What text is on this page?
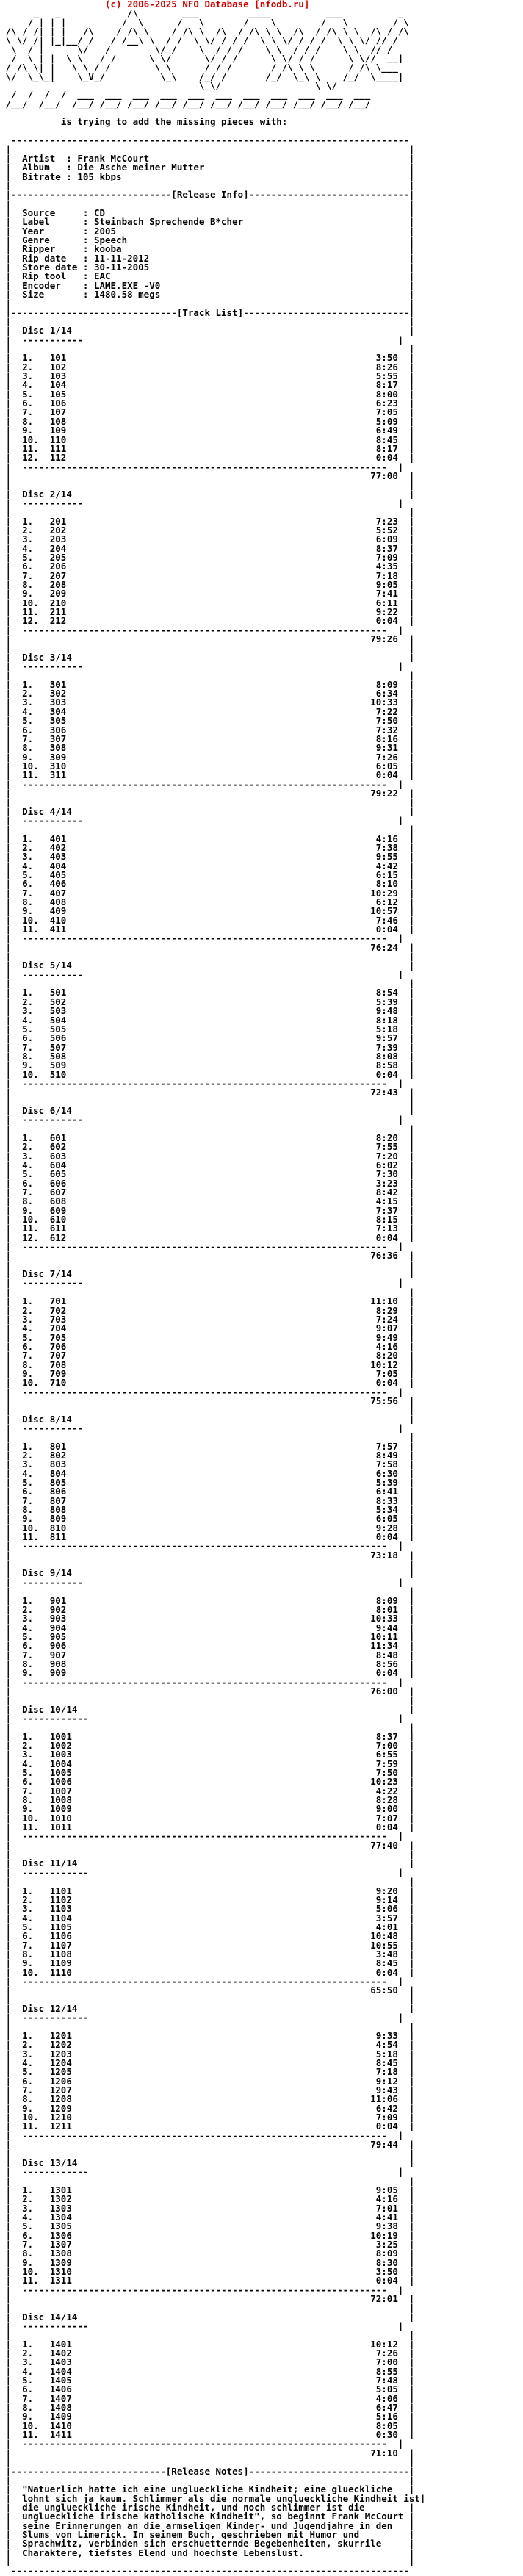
(c) 2006-2025 NFO Database [nfodb.ru]
_   _            /\        ___         ____          ___          _
/ | | |          /  \      /   \       /    \        /   \        / \
/\ / /| | |   /\    / /\ \    / /\ \  /\  / /\ \ \  /\  / /\ \ \  /\ / /\
\ \/ /| |_|__/ /   / /__\ \  / /  \ \/ / / /  \ \ \/ / / /  \ \ \/ // /
\  / |  __  \/   / ______ \/ /    \  / / /    \ \  / / /    \ \  // /__
/  \ | |  \ \   / /      \ \/      \/ / /      \ \/ / /      \ \//  __|
/ /\ \| |   \ \ / /        \ \      / / /       / /\ \ \      / /\ \___
\/  \_\_|    \_V_/          \_\    /_/ /       /_/  \_\ \    /_/  \____|
___   ___                        \_\/                 \_\/
/  /  /  /  ___  ___  ___  ___  ___  ___  ___  ___  ___  ___  ___
/__/  /__/  /__/ /__/ /__/ /__/ /__/ /__/ /__/ /__/ /__/ /__/ /__/
is trying to add the missing pieces with:
------------------------------------------------------------------------
|                                                                        |
|  Artist  : Frank McCourt                                               |
|  Album   : Die Asche meiner Mutter                                     |
|  Bitrate : 105 kbps                                                    |
|                                                                        |
|-----------------------------[Release Info]-----------------------------|
|                                                                        |
|  Source     : CD                                                       |
|  Label      : Steinbach Sprechende B*cher                              |
|  Year       : 2005                                                     |
|  Genre      : Speech                                                   |
|  Ripper     : kooba                                                    |
|  Rip date   : 11-11-2012                                               |
|  Store date : 30-11-2005                                               |
|  Rip tool   : EAC                                                      |
|  Encoder    : LAME.EXE -V0                                             |
|  Size       : 1480.58 megs                                             |
|                                                                        |
|------------------------------[Track List]------------------------------|
|                                                                        |
|  Disc 1/14                                                             |
|  -----------                                                         |
|                                                                        |
|  1. 101	3:50  |
|  2. 102	8:26  |
|  3. 103	5:55  |
|  4. 104	8:17  |
|  5. 105	8:00  |
|  6. 106	6:23  |
|  7. 107	7:05  |
|  8. 108	5:09  |
|  9. 109	6:49  |
|  10. 110	8:45  |
|  11. 111	8:17  |
|  12. 112	0:04  |
|  ------------------------------------------------------------------  |
|                                                                 77:00  |
|                                                                        |
|  Disc 2/14                                                             |
|  -----------                                                         |
|                                                                        |
|  1. 201	7:23  |
|  2. 202	5:52  |
|  3. 203	6:09  |
|  4. 204	8:37  |
|  5. 205	7:09  |
|  6. 206	4:35  |
|  7. 207	7:18  |
|  8. 208	9:05  |
|  9. 209	7:41  |
|  10. 210	6:11  |
|  11. 211	9:22  |
|  12. 212	0:04  |
|  ------------------------------------------------------------------  |
|                                                                 79:26  |
|                                                                        |
|  Disc 3/14                                                             |
|  -----------                                                         |
|                                                                        |
|  1. 301	8:09  |
|  2. 302	6:34  |
|  3. 303	10:33  |
|  4. 304	7:22  |
|  5. 305	7:50  |
|  6. 306	7:32  |
|  7. 307	8:16  |
|  8. 308	9:31  |
|  9. 309	7:26  |
|  10. 310	6:05  |
|  11. 311	0:04  |
|  ------------------------------------------------------------------  |
|                                                                 79:22  |
|                                                                        |
|  Disc 4/14                                                             |
|  -----------                                                         |
|                                                                        |
|  1. 401	4:16  |
|  2. 402	7:38  |
|  3. 403	9:55  |
|  4. 404	4:42  |
|  5. 405	6:15  |
|  6. 406	8:10  |
|  7. 407	10:29  |
|  8. 408	6:12  |
|  9. 409	10:57  |
|  10. 410	7:46  |
|  11. 411	0:04  |
|  ------------------------------------------------------------------  |
|                                                                 76:24  |
|                                                                        |
|  Disc 5/14                                                             |
|  -----------                                                         |
|                                                                        |
|  1. 501	8:54  |
|  2. 502	5:39  |
|  3. 503	9:48  |
|  4. 504	8:18  |
|  5. 505	5:18  |
|  6. 506	9:57  |
|  7. 507	7:39  |
|  8. 508	8:08  |
|  9. 509	8:58  |
|  10. 510	0:04  |
|  ------------------------------------------------------------------  |
|                                                                 72:43  |
|                                                                        |
|  Disc 6/14                                                             |
|  -----------                                                         |
|                                                                        |
|  1. 601	8:20  |
|  2. 602	7:55  |
|  3. 603	7:20  |
|  4. 604	6:02  |
|  5. 605	7:30  |
|  6. 606	3:23  |
|  7. 607	8:42  |
|  8. 608	4:15  |
|  9. 609	7:37  |
|  10. 610	8:15  |
|  11. 611	7:13  |
|  12. 612	0:04  |
|  ------------------------------------------------------------------  |
|                                                                 76:36  |
|                                                                        |
|  Disc 7/14                                                             |
|  -----------                                                         |
|                                                                        |
|  1. 701	11:10  |
|  2. 702	8:29  |
|  3. 703	7:24  |
|  4. 704	9:07  |
|  5. 705	9:49  |
|  6. 706	4:16  |
|  7. 707	8:20  |
|  8. 708	10:12  |
|  9. 709	7:05  |
|  10. 710	0:04  |
|  ------------------------------------------------------------------  |
|                                                                 75:56  |
|                                                                        |
|  Disc 8/14                                                             |
|  -----------                                                         |
|                                                                        |
|  1. 801	7:57  |
|  2. 802	8:49  |
|  3. 803	7:58  |
|  4. 804	6:30  |
|  5. 805	5:39  |
|  6. 806	6:41  |
|  7. 807	8:33  |
|  8. 808	5:34  |
|  9. 809	6:05  |
|  10. 810	9:28  |
|  11. 811	0:04  |
|  ------------------------------------------------------------------  |
|                                                                 73:18  |
|                                                                        |
|  Disc 9/14                                                             |
|  -----------                                                         |
|                                                                        |
|  1. 901	8:09  |
|  2. 902	8:01  |
|  3. 903	10:33  |
|  4. 904	9:44  |
|  5. 905	10:11  |
|  6. 906	11:34  |
|  7. 907	8:48  |
|  8. 908	8:56  |
|  9. 909	0:04  |
|  ------------------------------------------------------------------  |
|                                                                 76:00  |
|                                                                        |
|  Disc 10/14                                                            |
|  ------------                                                        |
|                                                                        |
|  1. 1001	8:37  |
|  2. 1002	7:00  |
|  3. 1003	6:55  |
|  4. 1004	7:59  |
|  5. 1005	7:50  |
|  6. 1006	10:23  |
|  7. 1007	4:22  |
|  8. 1008	8:28  |
|  9. 1009	9:00  |
|  10. 1010	7:07  |
|  11. 1011	0:04  |
|  ------------------------------------------------------------------  |
|                                                                 77:40  |
|                                                                        |
|  Disc 11/14                                                            |
|  ------------                                                        |
|                                                                        |
|  1. 1101	9:20  |
|  2. 1102	9:14  |
|  3. 1103	5:06  |
|  4. 1104	3:57  |
|  5. 1105	4:01  |
|  6. 1106	10:48  |
|  7. 1107	10:55  |
|  8. 1108	3:48  |
|  9. 1109	8:45  |
|  10. 1110	0:04  |
|  ------------------------------------------------------------------  |
|                                                                 65:50  |
|                                                                        |
|  Disc 12/14                                                            |
|  ------------                                                        |
|                                                                        |
|  1. 1201	9:33  |
|  2. 1202	4:54  |
|  3. 1203	5:18  |
|  4. 1204	8:45  |
|  5. 1205	7:18  |
|  6. 1206	9:12  |
|  7. 1207	9:43  |
|  8. 1208	11:06  |
|  9. 1209	6:42  |
|  10. 1210	7:09  |
|  11. 1211	0:04  |
|  ------------------------------------------------------------------  |
|                                                                 79:44  |
|                                                                        |
|  Disc 13/14                                                            |
|  ------------                                                        |
|                                                                        |
|  1. 1301	9:05  |
|  2. 1302	4:16  |
|  3. 1303	7:01  |
|  4. 1304	4:41  |
|  5. 1305	9:38  |
|  6. 1306	10:19  |
|  7. 1307	3:25  |
|  8. 1308	8:09  |
|  9. 1309	8:30  |
|  10. 1310	3:50  |
|  11. 1311	0:04  |
|  ------------------------------------------------------------------  |
|                                                                 72:01  |
|                                                                        |
|  Disc 14/14                                                            |
|  ------------                                                        |
|                                                                        |
|  1. 1401	10:12  |
|  2. 1402	7:26  |
|  3. 1403	7:00  |
|  4. 1404	8:55  |
|  5. 1405	7:48  |
|  6. 1406	5:05  |
|  7. 1407	4:06  |
|  8. 1408	6:47  |
|  9. 1409	5:16  |
|  10. 1410	8:05  |
|  11. 1411	0:30  |
|  ------------------------------------------------------------------  |
|                                                                 71:10  |
|                                                                        |
|----------------------------[Release Notes]-----------------------------|
|                                                                        |
|  "Natuerlich hatte ich eine unglueckliche Kindheit; eine glueckliche   |
|  lohnt sich ja kaum. Schlimmer als die normale unglueckliche Kindheit ist|
|  die unglueckliche irische Kindheit, und noch schlimmer ist die        |
|  unglueckliche irische katholische Kindheit", so beginnt Frank McCourt |
|  seine Erinnerungen an die armseligen Kinder- und Jugendjahre in den   |
|  Slums von Limerick. In seinem Buch, geschrieben mit Humor und         |
|  Sprachwitz, verbinden sich erschuetternde Begebenheiten, skurrile     |
|  Charaktere, tiefstes Elend und hoechste Lebenslust.                   |
|                                                                        |
------------------------------------------------------------------------
